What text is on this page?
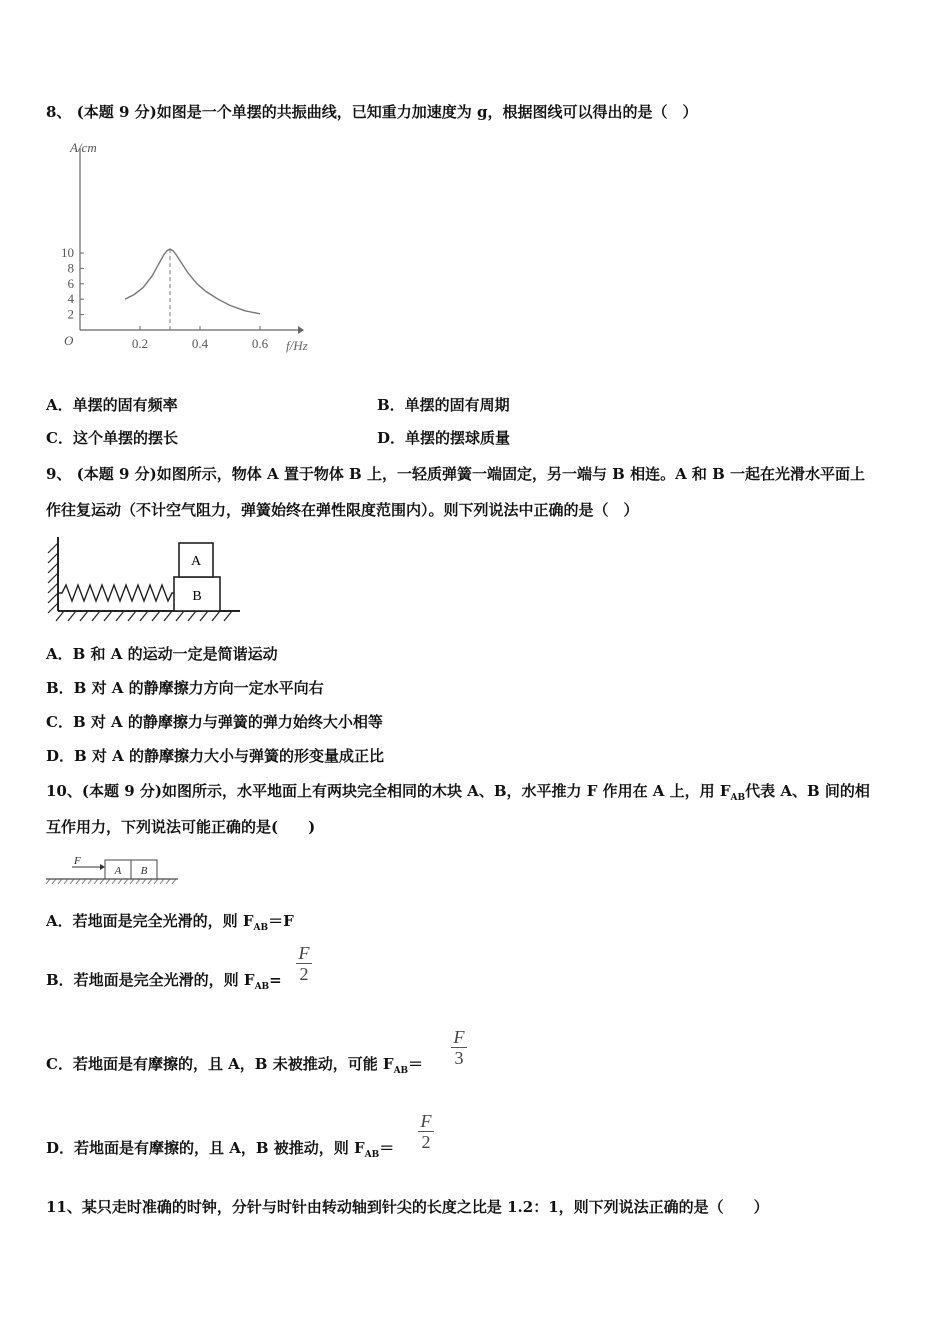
8、 (本题 9 分)如图是一个单摆的共振曲线，已知重力加速度为 g，根据图线可以得出的是（　）
A/cm
f/Hz
O	0.2	0.4	0.6
2
4
6
8
10
A．单摆的固有频率	B．单摆的固有周期
C．这个单摆的摆长	D．单摆的摆球质量
9、 (本题 9 分)如图所示，物体 A 置于物体 B 上，一轻质弹簧一端固定，另一端与 B 相连。A 和 B 一起在光滑水平面上
作往复运动（不计空气阻力，弹簧始终在弹性限度范围内）。则下列说法中正确的是（　）
B
A
A．B 和 A 的运动一定是简谐运动
B．B 对 A 的静摩擦力方向一定水平向右
C．B 对 A 的静摩擦力与弹簧的弹力始终大小相等
D．B 对 A 的静摩擦力大小与弹簧的形变量成正比
10、(本题 9 分)如图所示，水平地面上有两块完全相同的木块 A、B，水平推力 F 作用在 A 上，用 $F_{AB}$代表 A、B 间的相
互作用力，下列说法可能正确的是(　　)
F
A B
A．若地面是完全光滑的，则 $F_{AB}=F$
B．若地面是完全光滑的，则 $F_{AB}=$
F
2
C．若地面是有摩擦的，且 A，B 未被推动，可能 $F_{AB}=$
F
3
D．若地面是有摩擦的，且 A，B 被推动，则 $F_{AB}=$
F
2
11、某只走时准确的时钟，分针与时针由转动轴到针尖的长度之比是 1.2：1，则下列说法正确的是（　　）
